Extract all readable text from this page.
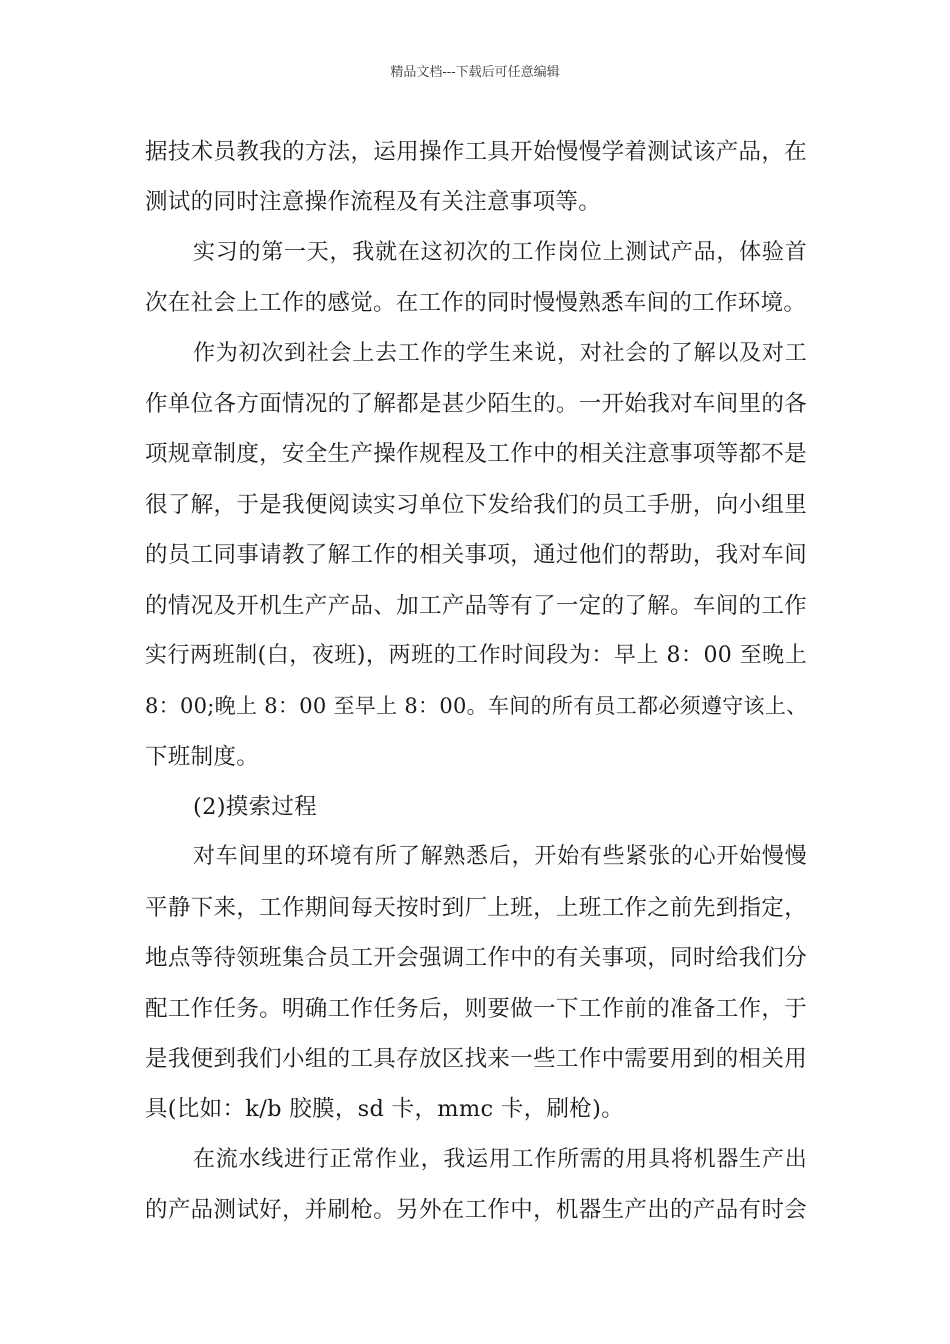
精品文档---下载后可任意编辑
据技术员教我的方法，运用操作工具开始慢慢学着测试该产品，在
测试的同时注意操作流程及有关注意事项等。
实习的第一天，我就在这初次的工作岗位上测试产品，体验首
次在社会上工作的感觉。在工作的同时慢慢熟悉车间的工作环境。
作为初次到社会上去工作的学生来说，对社会的了解以及对工
作单位各方面情况的了解都是甚少陌生的。一开始我对车间里的各
项规章制度，安全生产操作规程及工作中的相关注意事项等都不是
很了解，于是我便阅读实习单位下发给我们的员工手册，向小组里
的员工同事请教了解工作的相关事项，通过他们的帮助，我对车间
的情况及开机生产产品、加工产品等有了一定的了解。车间的工作
实行两班制(白，夜班)，两班的工作时间段为：早上 8：00 至晚上
8：00;晚上 8：00 至早上 8：00。车间的所有员工都必须遵守该上、
下班制度。
(2)摸索过程
对车间里的环境有所了解熟悉后，开始有些紧张的心开始慢慢
平静下来，工作期间每天按时到厂上班，上班工作之前先到指定，
地点等待领班集合员工开会强调工作中的有关事项，同时给我们分
配工作任务。明确工作任务后，则要做一下工作前的准备工作，于
是我便到我们小组的工具存放区找来一些工作中需要用到的相关用
具(比如：k/b 胶膜，sd 卡，mmc 卡，刷枪)。
在流水线进行正常作业，我运用工作所需的用具将机器生产出
的产品测试好，并刷枪。另外在工作中，机器生产出的产品有时会
